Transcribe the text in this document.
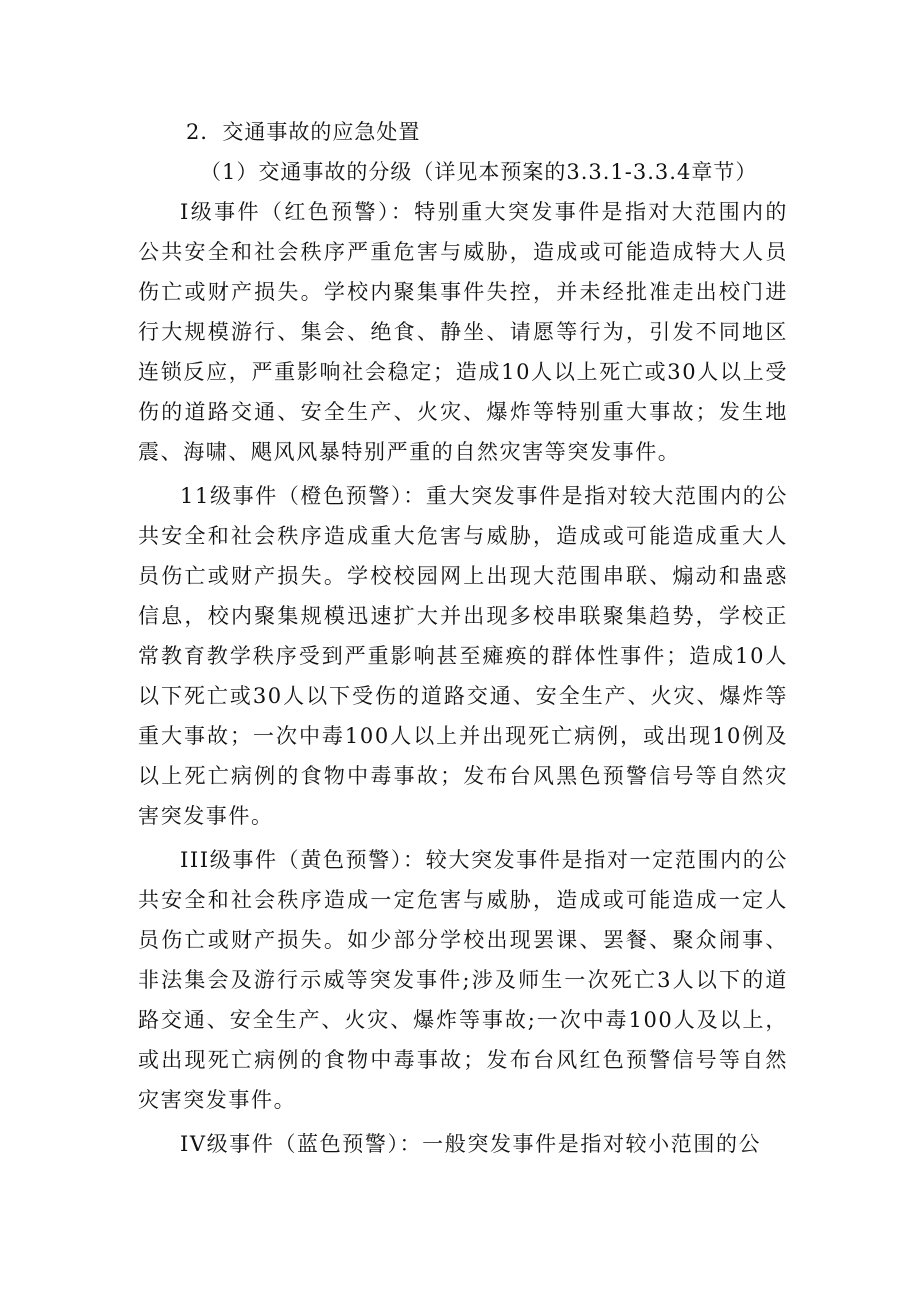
2．交通事故的应急处置

（1）交通事故的分级（详见本预案的3.3.1-3.3.4章节）

I级事件（红色预警）：特别重大突发事件是指对大范围内的公共安全和社会秩序严重危害与威胁，造成或可能造成特大人员伤亡或财产损失。学校内聚集事件失控，并未经批准走出校门进行大规模游行、集会、绝食、静坐、请愿等行为，引发不同地区连锁反应，严重影响社会稳定；造成10人以上死亡或30人以上受伤的道路交通、安全生产、火灾、爆炸等特别重大事故；发生地震、海啸、飓风风暴特别严重的自然灾害等突发事件。

11级事件（橙色预警）：重大突发事件是指对较大范围内的公共安全和社会秩序造成重大危害与威胁，造成或可能造成重大人员伤亡或财产损失。学校校园网上出现大范围串联、煽动和蛊惑信息，校内聚集规模迅速扩大并出现多校串联聚集趋势，学校正常教育教学秩序受到严重影响甚至瘫痪的群体性事件；造成10人以下死亡或30人以下受伤的道路交通、安全生产、火灾、爆炸等重大事故；一次中毒100人以上并出现死亡病例，或出现10例及以上死亡病例的食物中毒事故；发布台风黑色预警信号等自然灾害突发事件。

III级事件（黄色预警）：较大突发事件是指对一定范围内的公共安全和社会秩序造成一定危害与威胁，造成或可能造成一定人员伤亡或财产损失。如少部分学校出现罢课、罢餐、聚众闹事、非法集会及游行示威等突发事件;涉及师生一次死亡3人以下的道路交通、安全生产、火灾、爆炸等事故;一次中毒100人及以上，或出现死亡病例的食物中毒事故；发布台风红色预警信号等自然灾害突发事件。

IV级事件（蓝色预警）：一般突发事件是指对较小范围的公
